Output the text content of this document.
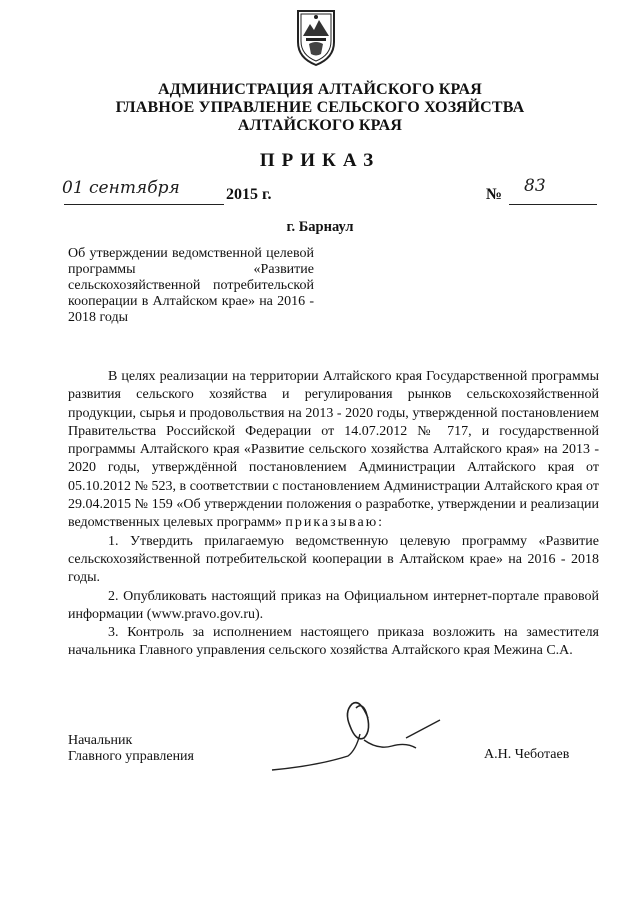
АДМИНИСТРАЦИЯ АЛТАЙСКОГО КРАЯ
ГЛАВНОЕ УПРАВЛЕНИЕ СЕЛЬСКОГО ХОЗЯЙСТВА
АЛТАЙСКОГО КРАЯ
ПРИКАЗ
01 сентября	2015 г.	№ 83
г. Барнаул
Об утверждении ведомственной целевой программы «Развитие сельскохозяйственной потребительской кооперации в Алтайском крае» на 2016 - 2018 годы

В целях реализации на территории Алтайского края Государственной программы развития сельского хозяйства и регулирования рынков сельскохозяйственной продукции, сырья и продовольствия на 2013 - 2020 годы, утвержденной постановлением Правительства Российской Федерации от 14.07.2012 № 717, и государственной программы Алтайского края «Развитие сельского хозяйства Алтайского края» на 2013 - 2020 годы, утверждённой постановлением Администрации Алтайского края от 05.10.2012 № 523, в соответствии с постановлением Администрации Алтайского края от 29.04.2015 № 159 «Об утверждении положения о разработке, утверждении и реализации ведомственных целевых программ» приказываю:

1. Утвердить прилагаемую ведомственную целевую программу «Развитие сельскохозяйственной потребительской кооперации в Алтайском крае» на 2016 - 2018 годы.

2. Опубликовать настоящий приказ на Официальном интернет-портале правовой информации (www.pravo.gov.ru).

3. Контроль за исполнением настоящего приказа возложить на заместителя начальника Главного управления сельского хозяйства Алтайского края Межина С.А.

Начальник
Главного управления	А.Н. Чеботаев
